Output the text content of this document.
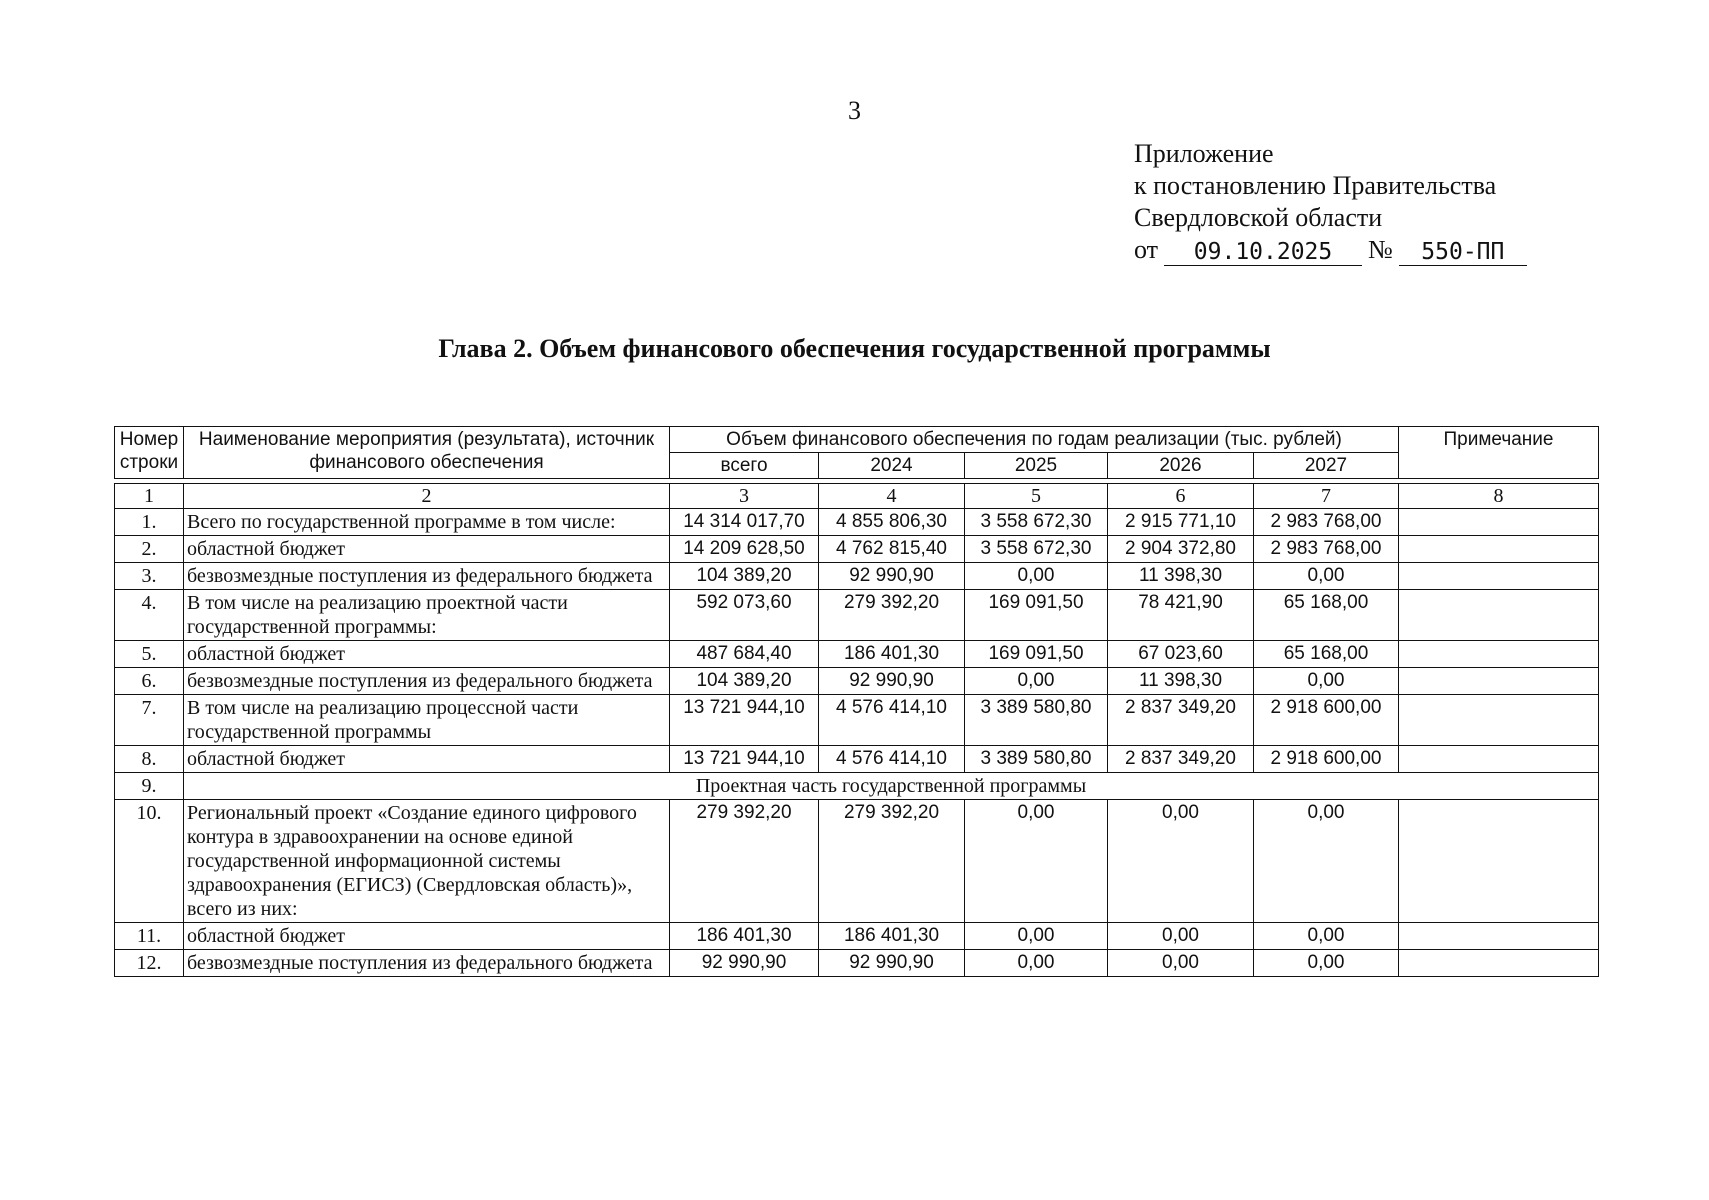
3
Приложение
к постановлению Правительства
Свердловской области
от	09.10.2025	№	550-ПП
Глава 2. Объем финансового обеспечения государственной программы
Номер строки	Наименование мероприятия (результата), источник финансового обеспечения	Объем финансового обеспечения по годам реализации (тыс. рублей)					Примечание
		всего	2024	2025	2026	2027	

1	2	3	4	5	6	7	8
1.	Всего по государственной программе в том числе:	14 314 017,70	4 855 806,30	3 558 672,30	2 915 771,10	2 983 768,00	
2.	областной бюджет	14 209 628,50	4 762 815,40	3 558 672,30	2 904 372,80	2 983 768,00	
3.	безвозмездные поступления из федерального бюджета	104 389,20	92 990,90	0,00	11 398,30	0,00	
4.	В том числе на реализацию проектной части государственной программы:	592 073,60	279 392,20	169 091,50	78 421,90	65 168,00	
5.	областной бюджет	487 684,40	186 401,30	169 091,50	67 023,60	65 168,00	
6.	безвозмездные поступления из федерального бюджета	104 389,20	92 990,90	0,00	11 398,30	0,00	
7.	В том числе на реализацию процессной части государственной программы	13 721 944,10	4 576 414,10	3 389 580,80	2 837 349,20	2 918 600,00	
8.	областной бюджет	13 721 944,10	4 576 414,10	3 389 580,80	2 837 349,20	2 918 600,00	
9.	Проектная часть государственной программы						
10.	Региональный проект «Создание единого цифрового контура в здравоохранении на основе единой государственной информационной системы здравоохранения (ЕГИСЗ) (Свердловская область)», всего из них:	279 392,20	279 392,20	0,00	0,00	0,00	
11.	областной бюджет	186 401,30	186 401,30	0,00	0,00	0,00	
12.	безвозмездные поступления из федерального бюджета	92 990,90	92 990,90	0,00	0,00	0,00	
